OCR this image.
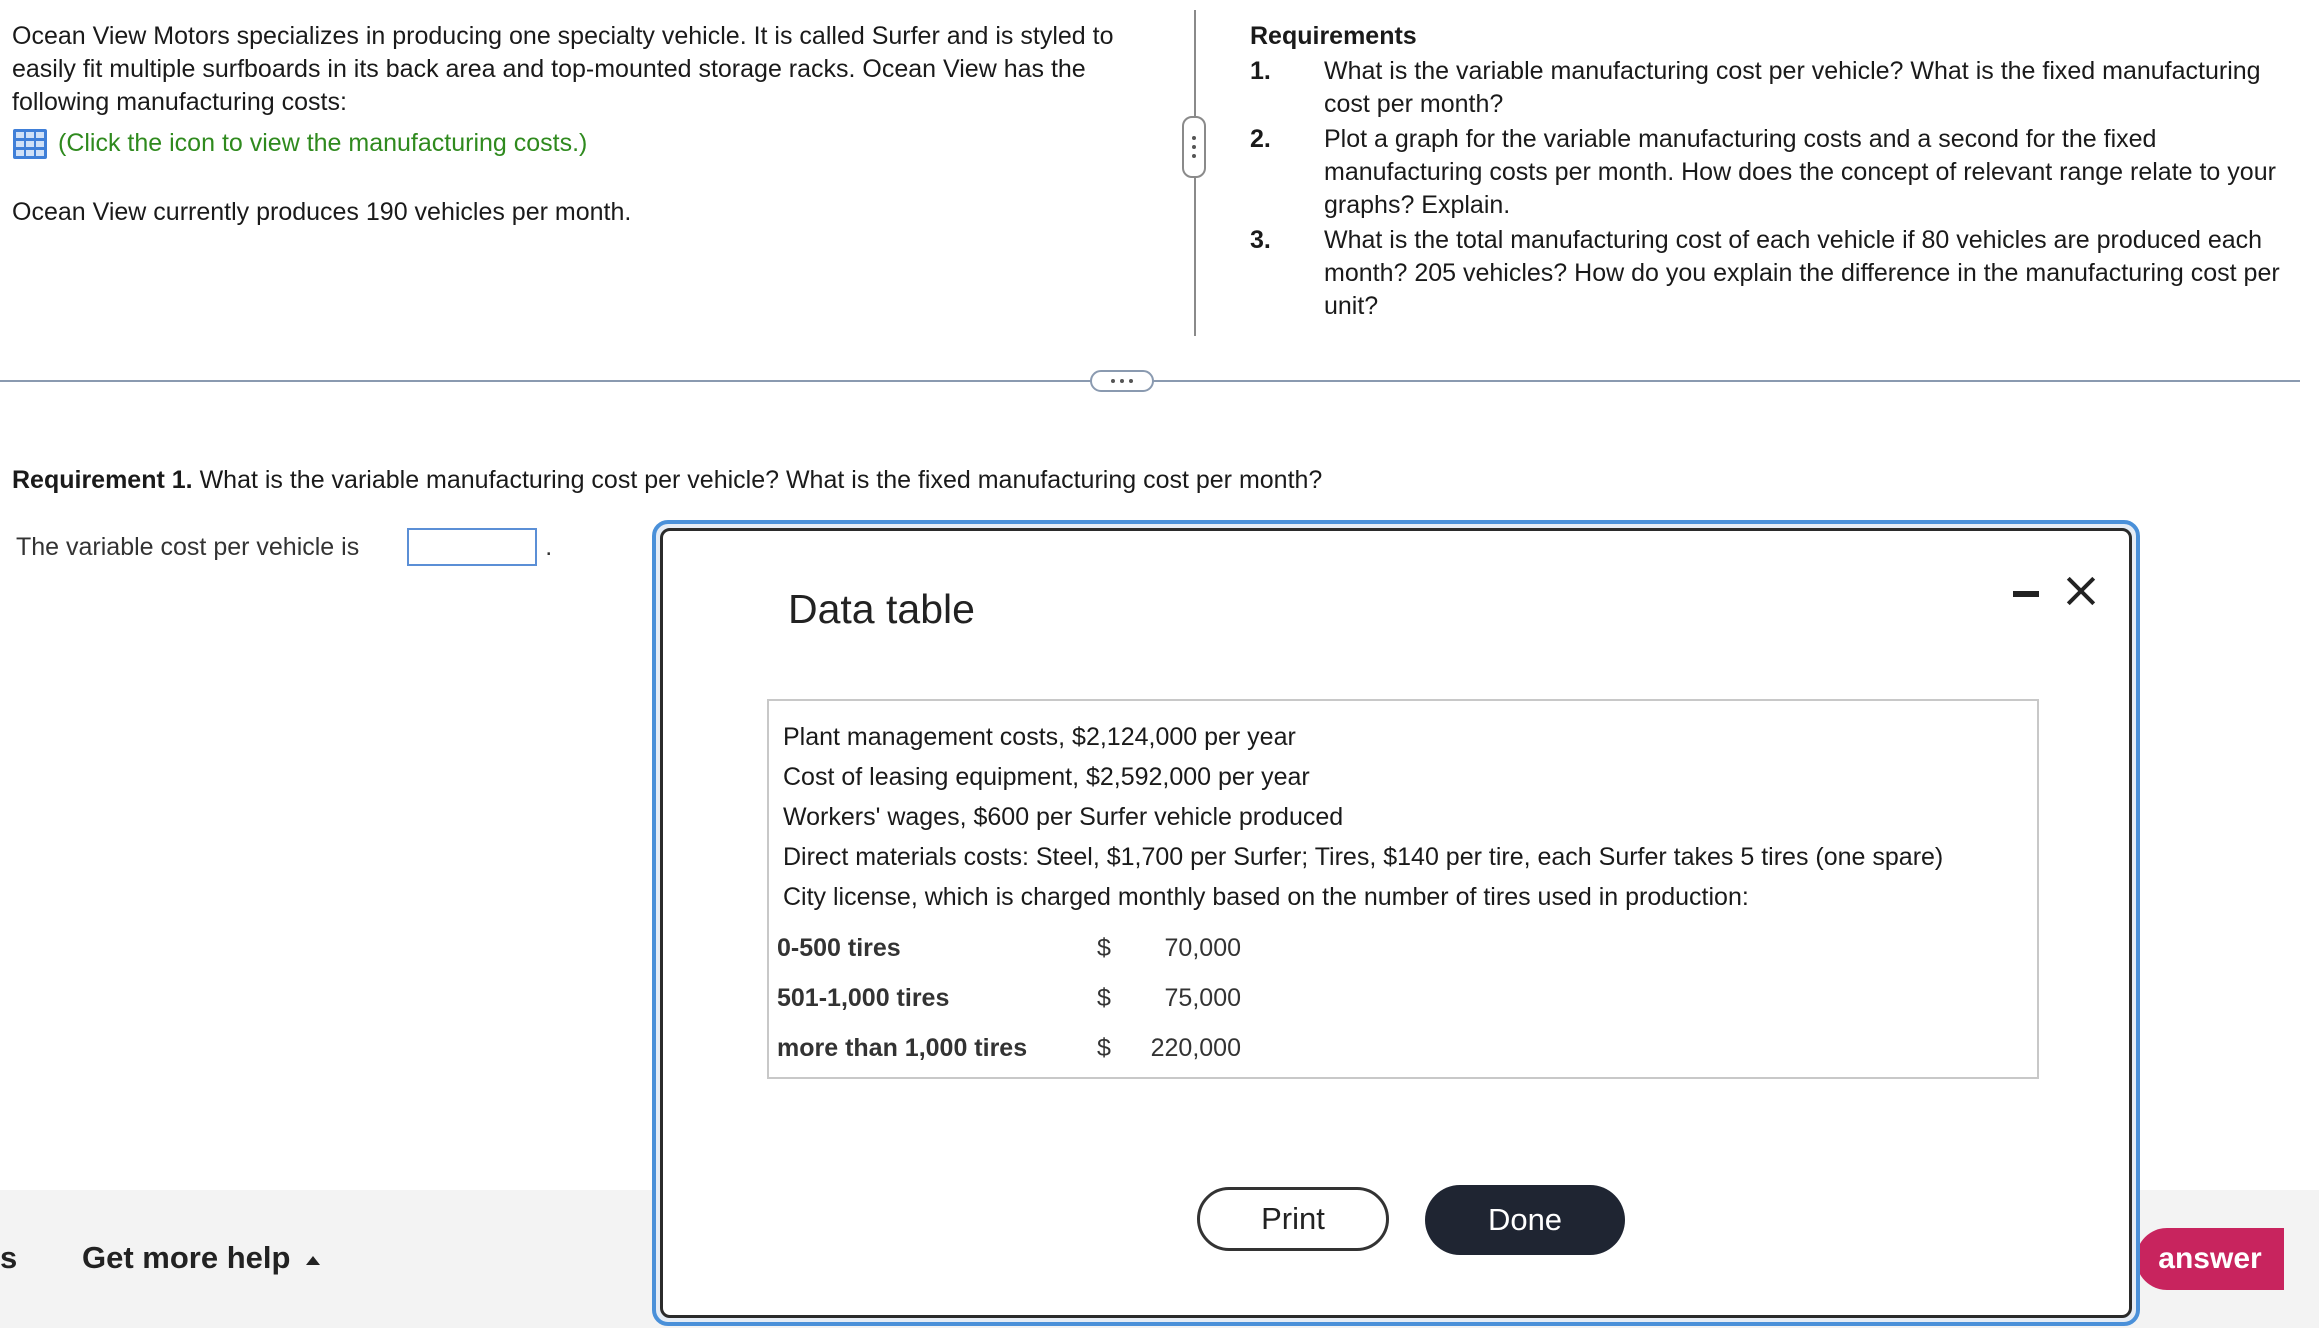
Ocean View Motors specializes in producing one specialty vehicle. It is called Surfer and is styled to easily fit multiple surfboards in its back area and top-mounted storage racks. Ocean View has the following manufacturing costs:

(Click the icon to view the manufacturing costs.)

Ocean View currently produces 190 vehicles per month.

Requirements
1.	What is the variable manufacturing cost per vehicle? What is the fixed manufacturing cost per month?
2.	Plot a graph for the variable manufacturing costs and a second for the fixed manufacturing costs per month. How does the concept of relevant range relate to your graphs? Explain.
3.	What is the total manufacturing cost of each vehicle if 80 vehicles are produced each month? 205 vehicles? How do you explain the difference in the manufacturing cost per unit?
Requirement 1. What is the variable manufacturing cost per vehicle? What is the fixed manufacturing cost per month?
The variable cost per vehicle is	.
s Get more help	answer
Data table
Plant management costs, $2,124,000 per year
Cost of leasing equipment, $2,592,000 per year
Workers' wages, $600 per Surfer vehicle produced
Direct materials costs: Steel, $1,700 per Surfer; Tires, $140 per tire, each Surfer takes 5 tires (one spare)
City license, which is charged monthly based on the number of tires used in production:
0-500 tires	$	70,000
501-1,000 tires	$	75,000
more than 1,000 tires	$	220,000
Print	Done
